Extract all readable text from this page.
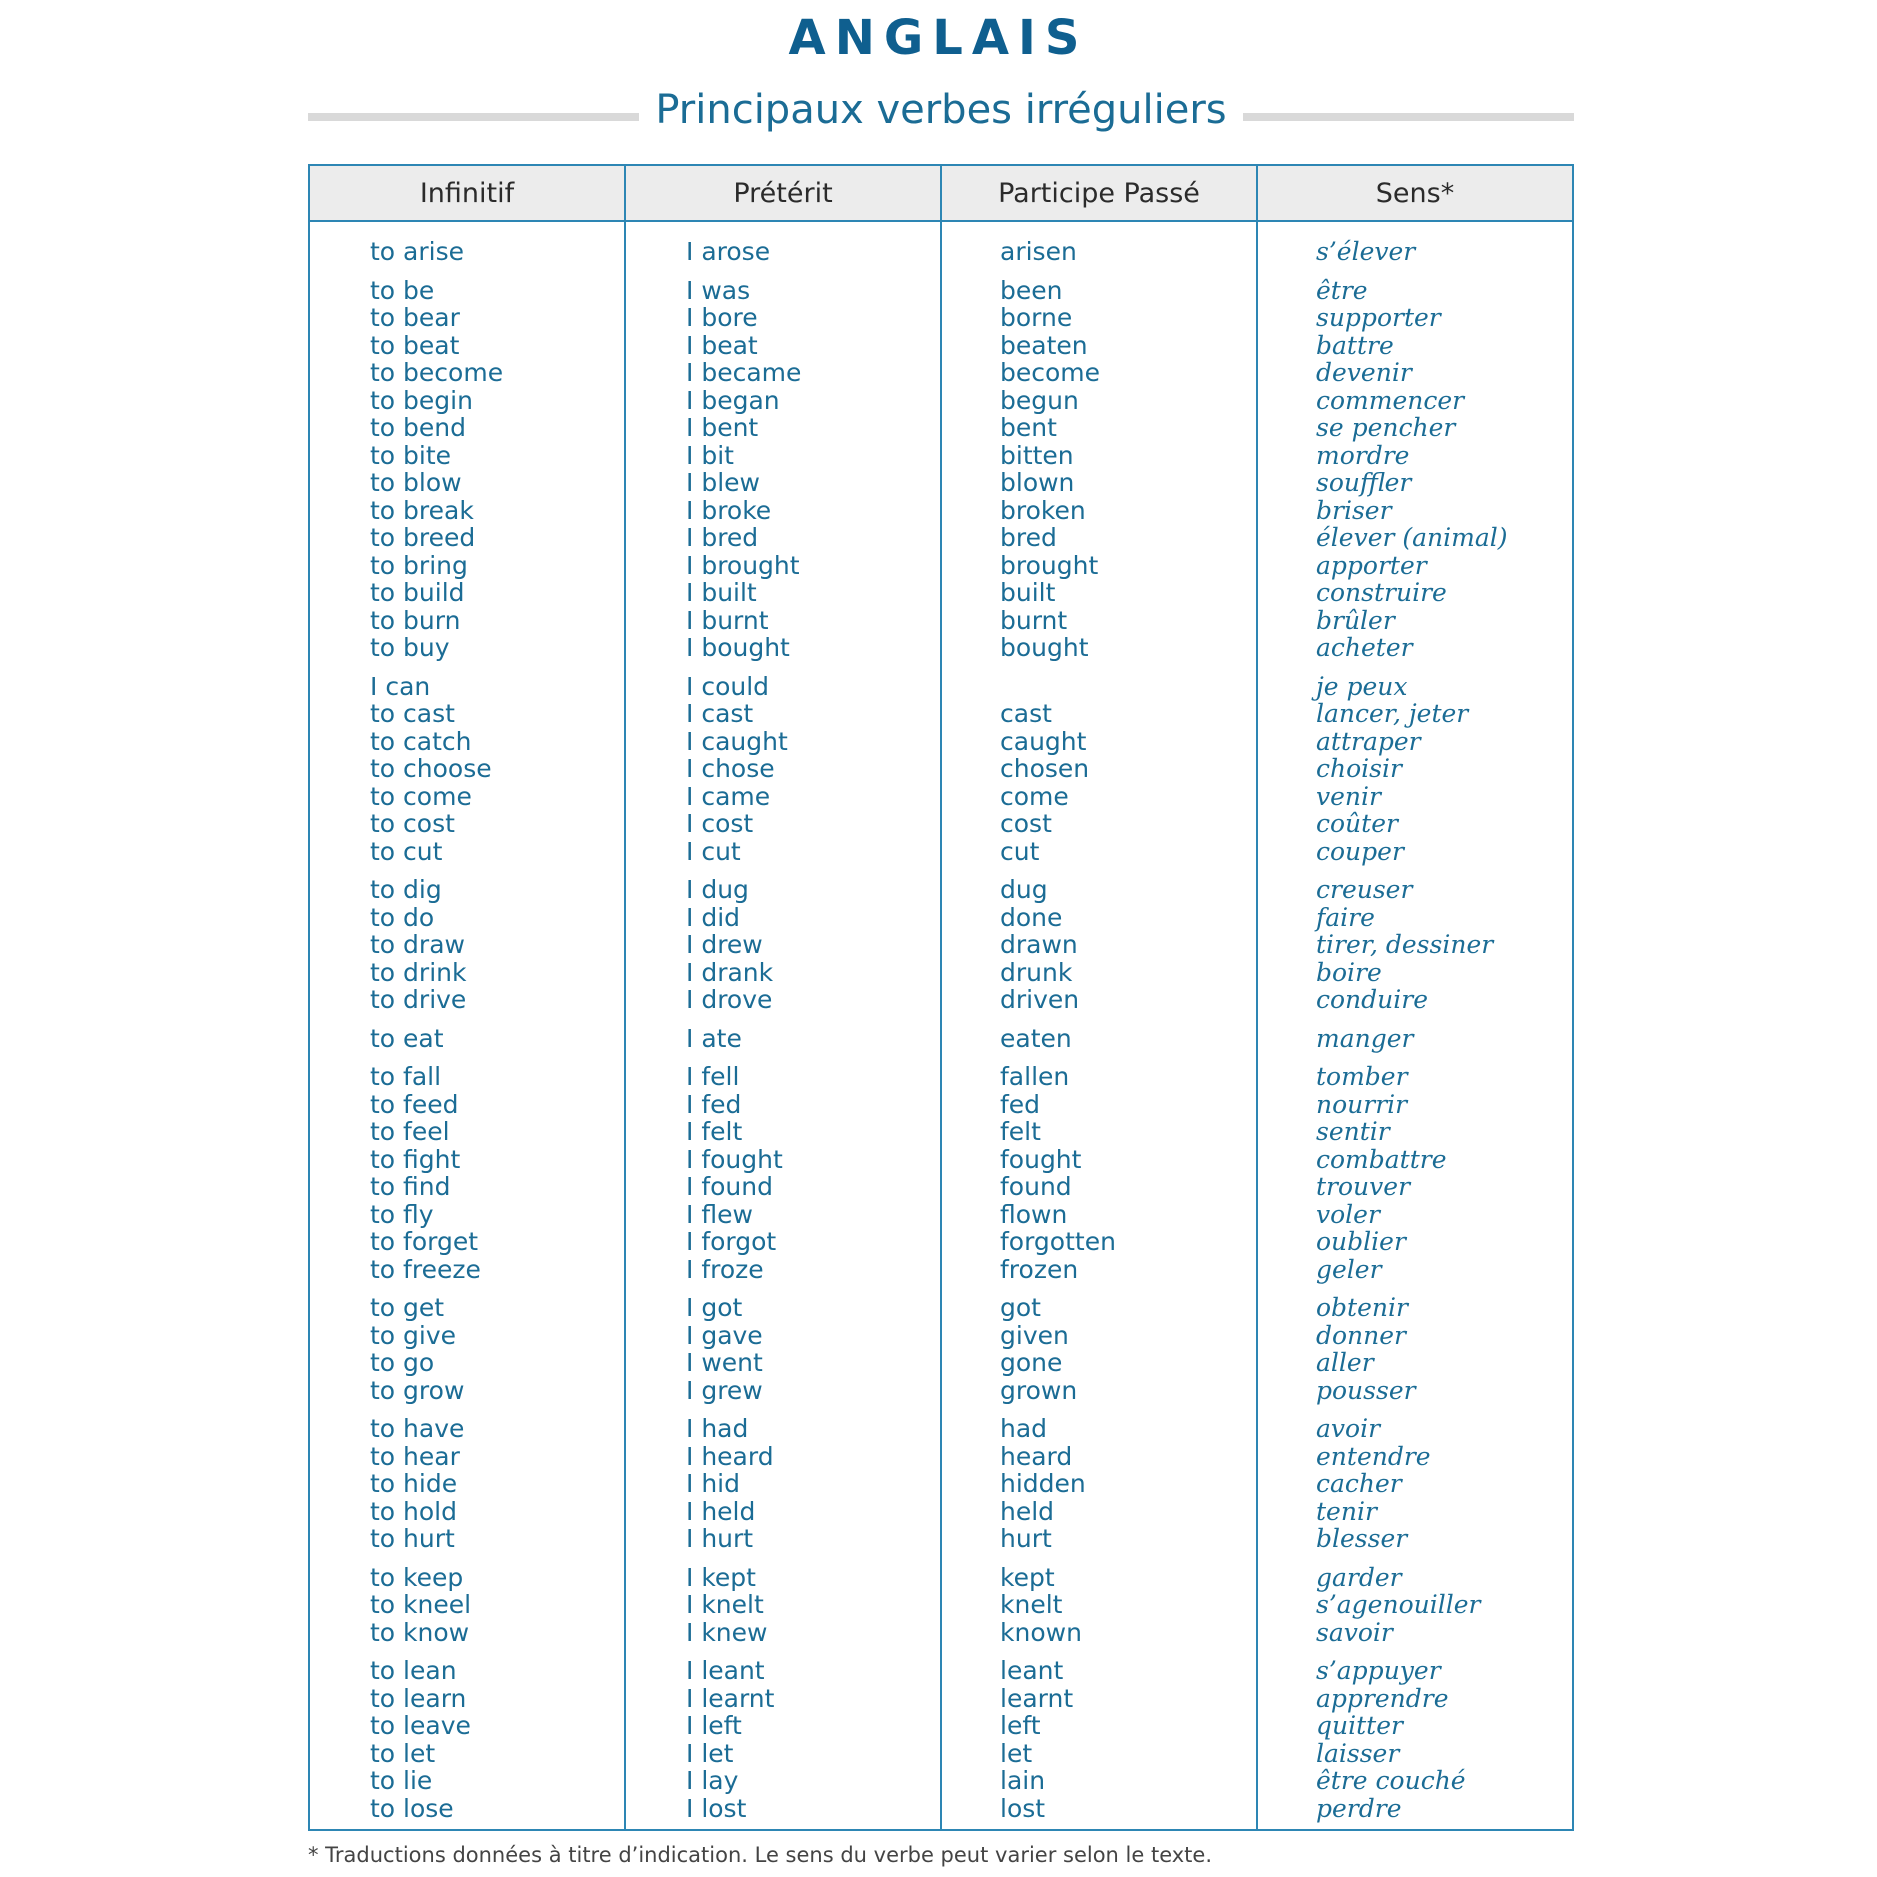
ANGLAIS
Principaux verbes irréguliers
Infinitif
to arise
to be
to bear
to beat
to become
to begin
to bend
to bite
to blow
to break
to breed
to bring
to build
to burn
to buy
I can
to cast
to catch
to choose
to come
to cost
to cut
to dig
to do
to draw
to drink
to drive
to eat
to fall
to feed
to feel
to fight
to find
to fly
to forget
to freeze
to get
to give
to go
to grow
to have
to hear
to hide
to hold
to hurt
to keep
to kneel
to know
to lean
to learn
to leave
to let
to lie
to lose
Prétérit
I arose
I was
I bore
I beat
I became
I began
I bent
I bit
I blew
I broke
I bred
I brought
I built
I burnt
I bought
I could
I cast
I caught
I chose
I came
I cost
I cut
I dug
I did
I drew
I drank
I drove
I ate
I fell
I fed
I felt
I fought
I found
I flew
I forgot
I froze
I got
I gave
I went
I grew
I had
I heard
I hid
I held
I hurt
I kept
I knelt
I knew
I leant
I learnt
I left
I let
I lay
I lost
Participe Passé
arisen
been
borne
beaten
become
begun
bent
bitten
blown
broken
bred
brought
built
burnt
bought
cast
caught
chosen
come
cost
cut
dug
done
drawn
drunk
driven
eaten
fallen
fed
felt
fought
found
flown
forgotten
frozen
got
given
gone
grown
had
heard
hidden
held
hurt
kept
knelt
known
leant
learnt
left
let
lain
lost
Sens*
s’élever
être
supporter
battre
devenir
commencer
se pencher
mordre
souffler
briser
élever (animal)
apporter
construire
brûler
acheter
je peux
lancer, jeter
attraper
choisir
venir
coûter
couper
creuser
faire
tirer, dessiner
boire
conduire
manger
tomber
nourrir
sentir
combattre
trouver
voler
oublier
geler
obtenir
donner
aller
pousser
avoir
entendre
cacher
tenir
blesser
garder
s’agenouiller
savoir
s’appuyer
apprendre
quitter
laisser
être couché
perdre
* Traductions données à titre d’indication. Le sens du verbe peut varier selon le texte.
